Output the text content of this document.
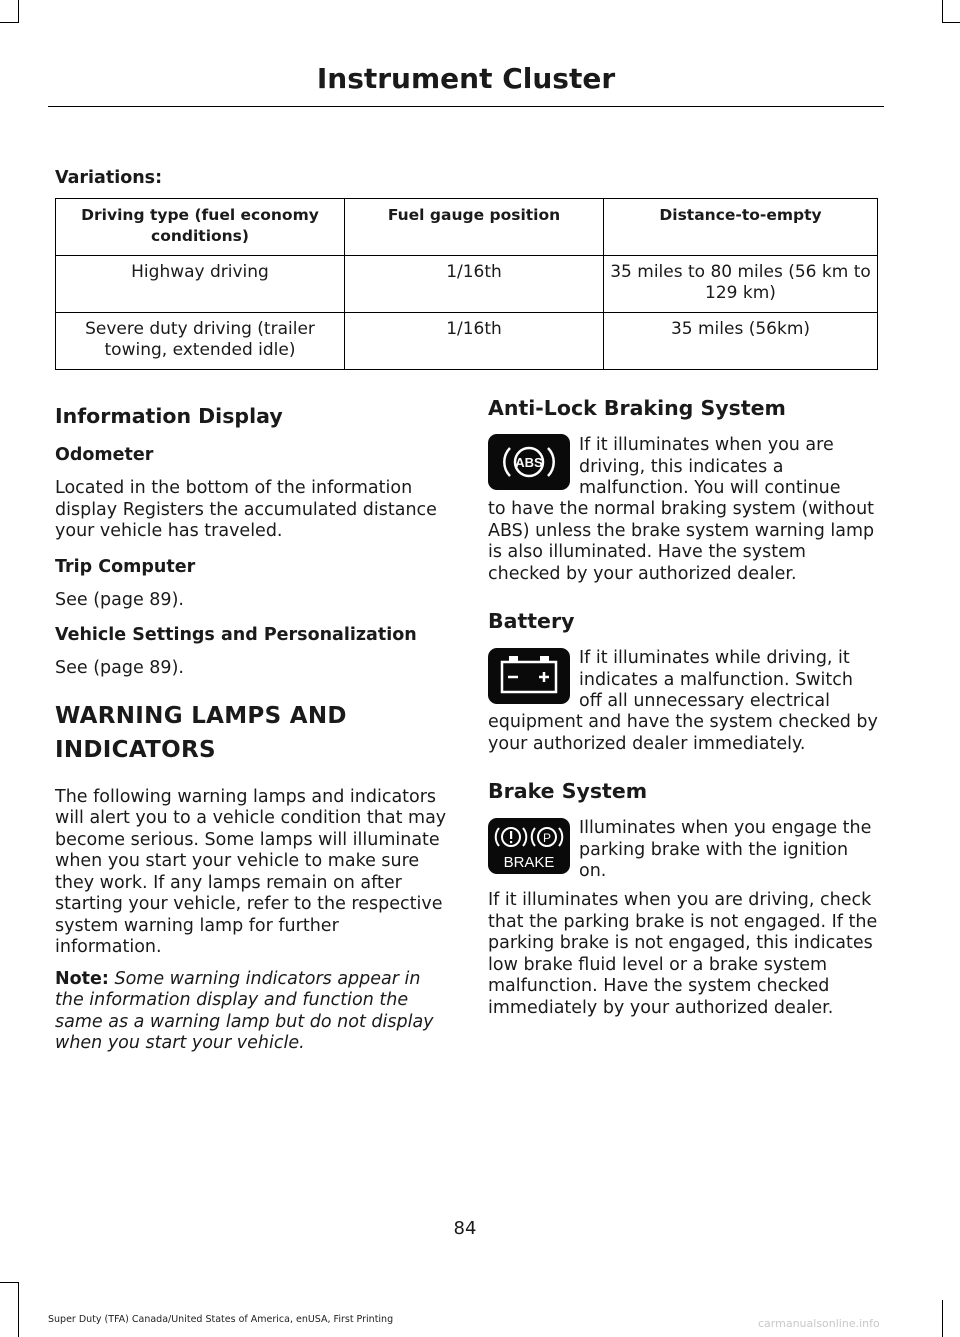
Instrument Cluster
Variations:
Driving type (fuel economy conditions)	Fuel gauge position	Distance-to-empty
Highway driving	1/16th	35 miles to 80 miles (56 km to 129 km)
Severe duty driving (trailer towing, extended idle)	1/16th	35 miles (56km)
Information Display
Odometer
Located in the bottom of the information display Registers the accumulated distance your vehicle has traveled.
Trip Computer
See (page 89).
Vehicle Settings and Personalization
See (page 89).
WARNING LAMPS AND
INDICATORS
The following warning lamps and indicators will alert you to a vehicle condition that may become serious. Some lamps will illuminate when you start your vehicle to make sure they work. If any lamps remain on after starting your vehicle, refer to the respective system warning lamp for further information.
Note: Some warning indicators appear in the information display and function the same as a warning lamp but do not display when you start your vehicle.
Anti-Lock Braking System
ABS
If it illuminates when you are driving, this indicates a malfunction. You will continue
to have the normal braking system (without ABS) unless the brake system warning lamp is also illuminated. Have the system checked by your authorized dealer.
Battery
If it illuminates while driving, it indicates a malfunction. Switch off all unnecessary electrical
equipment and have the system checked by your authorized dealer immediately.
Brake System
P
BRAKE
Illuminates when you engage the parking brake with the ignition on.
If it illuminates when you are driving, check that the parking brake is not engaged. If the parking brake is not engaged, this indicates low brake fluid level or a brake system malfunction. Have the system checked immediately by your authorized dealer.
84
Super Duty (TFA) Canada/United States of America, enUSA, First Printing	carmanualsonline.info
